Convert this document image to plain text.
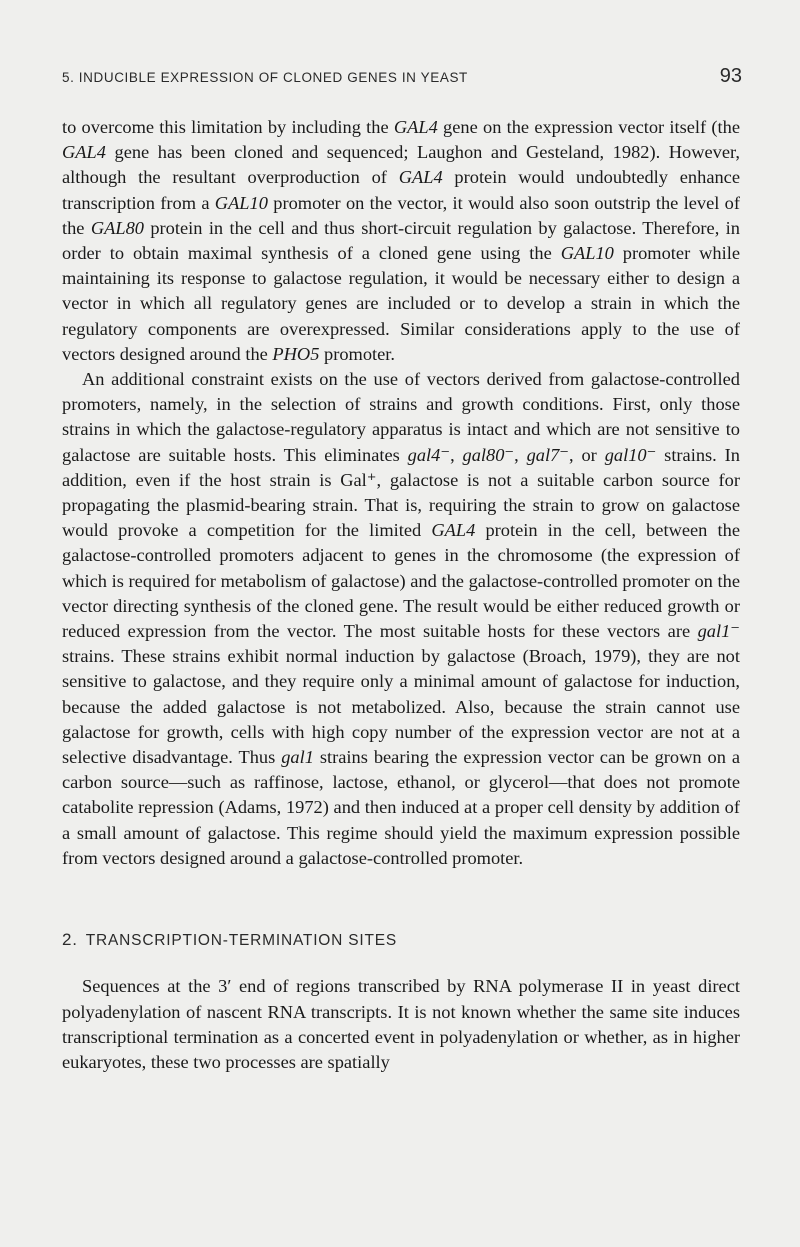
5. INDUCIBLE EXPRESSION OF CLONED GENES IN YEAST	93

to overcome this limitation by including the GAL4 gene on the expression vector itself (the GAL4 gene has been cloned and sequenced; Laughon and Gesteland, 1982). However, although the resultant overproduction of GAL4 protein would undoubtedly enhance transcription from a GAL10 promoter on the vector, it would also soon outstrip the level of the GAL80 protein in the cell and thus short-circuit regulation by galactose. Therefore, in order to obtain maximal synthesis of a cloned gene using the GAL10 promoter while maintaining its response to galactose regulation, it would be necessary either to design a vector in which all regulatory genes are included or to develop a strain in which the regulatory components are overexpressed. Similar considerations apply to the use of vectors designed around the PHO5 promoter.

An additional constraint exists on the use of vectors derived from galactose-controlled promoters, namely, in the selection of strains and growth conditions. First, only those strains in which the galactose-regulatory apparatus is intact and which are not sensitive to galactose are suitable hosts. This eliminates gal4⁻, gal80⁻, gal7⁻, or gal10⁻ strains. In addition, even if the host strain is Gal⁺, galactose is not a suitable carbon source for propagating the plasmid-bearing strain. That is, requiring the strain to grow on galactose would provoke a competition for the limited GAL4 protein in the cell, between the galactose-controlled promoters adjacent to genes in the chromosome (the expression of which is required for metabolism of galactose) and the galactose-controlled promoter on the vector directing synthesis of the cloned gene. The result would be either reduced growth or reduced expression from the vector. The most suitable hosts for these vectors are gal1⁻ strains. These strains exhibit normal induction by galactose (Broach, 1979), they are not sensitive to galactose, and they require only a minimal amount of galactose for induction, because the added galactose is not metabolized. Also, because the strain cannot use galactose for growth, cells with high copy number of the expression vector are not at a selective disadvantage. Thus gal1 strains bearing the expression vector can be grown on a carbon source—such as raffinose, lactose, ethanol, or glycerol—that does not promote catabolite repression (Adams, 1972) and then induced at a proper cell density by addition of a small amount of galactose. This regime should yield the maximum expression possible from vectors designed around a galactose-controlled promoter.

2. TRANSCRIPTION-TERMINATION SITES

Sequences at the 3′ end of regions transcribed by RNA polymerase II in yeast direct polyadenylation of nascent RNA transcripts. It is not known whether the same site induces transcriptional termination as a concerted event in polyadenylation or whether, as in higher eukaryotes, these two processes are spatially
